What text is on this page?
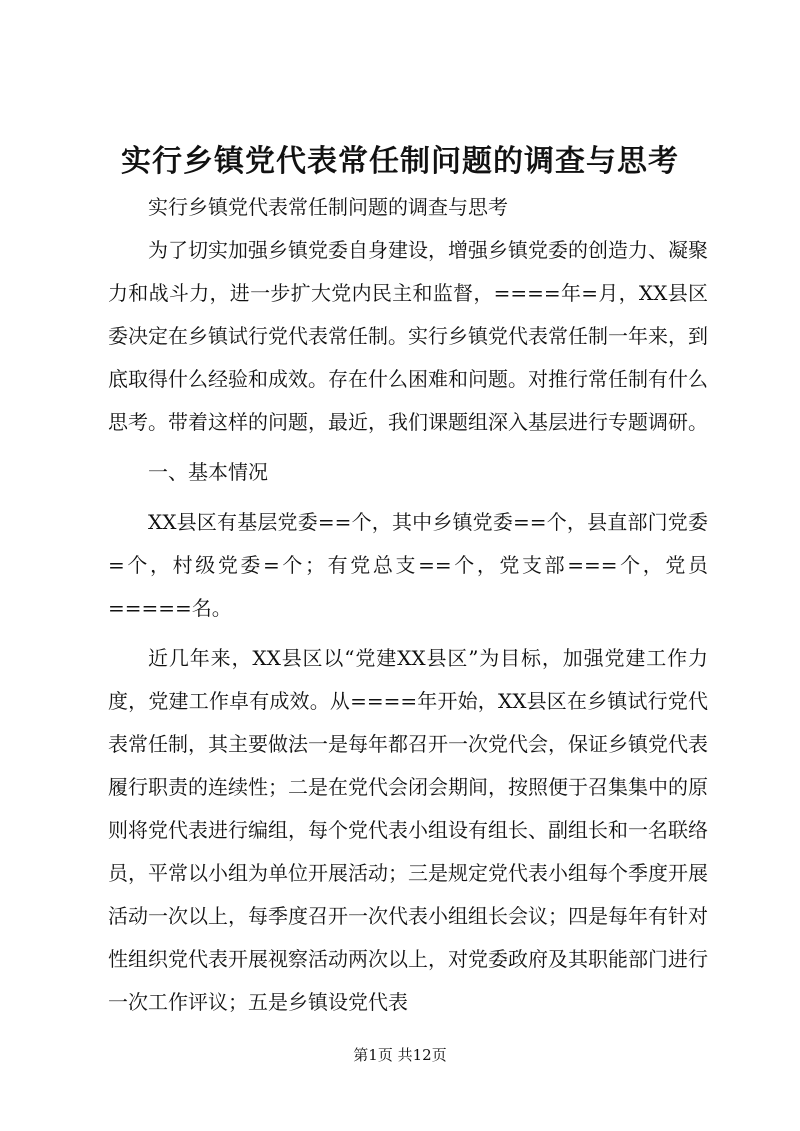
实行乡镇党代表常任制问题的调查与思考

实行乡镇党代表常任制问题的调查与思考

为了切实加强乡镇党委自身建设，增强乡镇党委的创造力、凝聚力和战斗力，进一步扩大党内民主和监督，====年=月，XX县区委决定在乡镇试行党代表常任制。实行乡镇党代表常任制一年来，到底取得什么经验和成效。存在什么困难和问题。对推行常任制有什么思考。带着这样的问题，最近，我们课题组深入基层进行专题调研。

一、基本情况

XX县区有基层党委==个，其中乡镇党委==个，县直部门党委=个，村级党委=个；有党总支==个，党支部===个，党员=====名。

近几年来，XX县区以“党建XX县区”为目标，加强党建工作力度，党建工作卓有成效。从====年开始，XX县区在乡镇试行党代表常任制，其主要做法一是每年都召开一次党代会，保证乡镇党代表履行职责的连续性；二是在党代会闭会期间，按照便于召集集中的原则将党代表进行编组，每个党代表小组设有组长、副组长和一名联络员，平常以小组为单位开展活动；三是规定党代表小组每个季度开展活动一次以上，每季度召开一次代表小组组长会议；四是每年有针对性组织党代表开展视察活动两次以上，对党委政府及其职能部门进行一次工作评议；五是乡镇设党代表

第1页 共12页
